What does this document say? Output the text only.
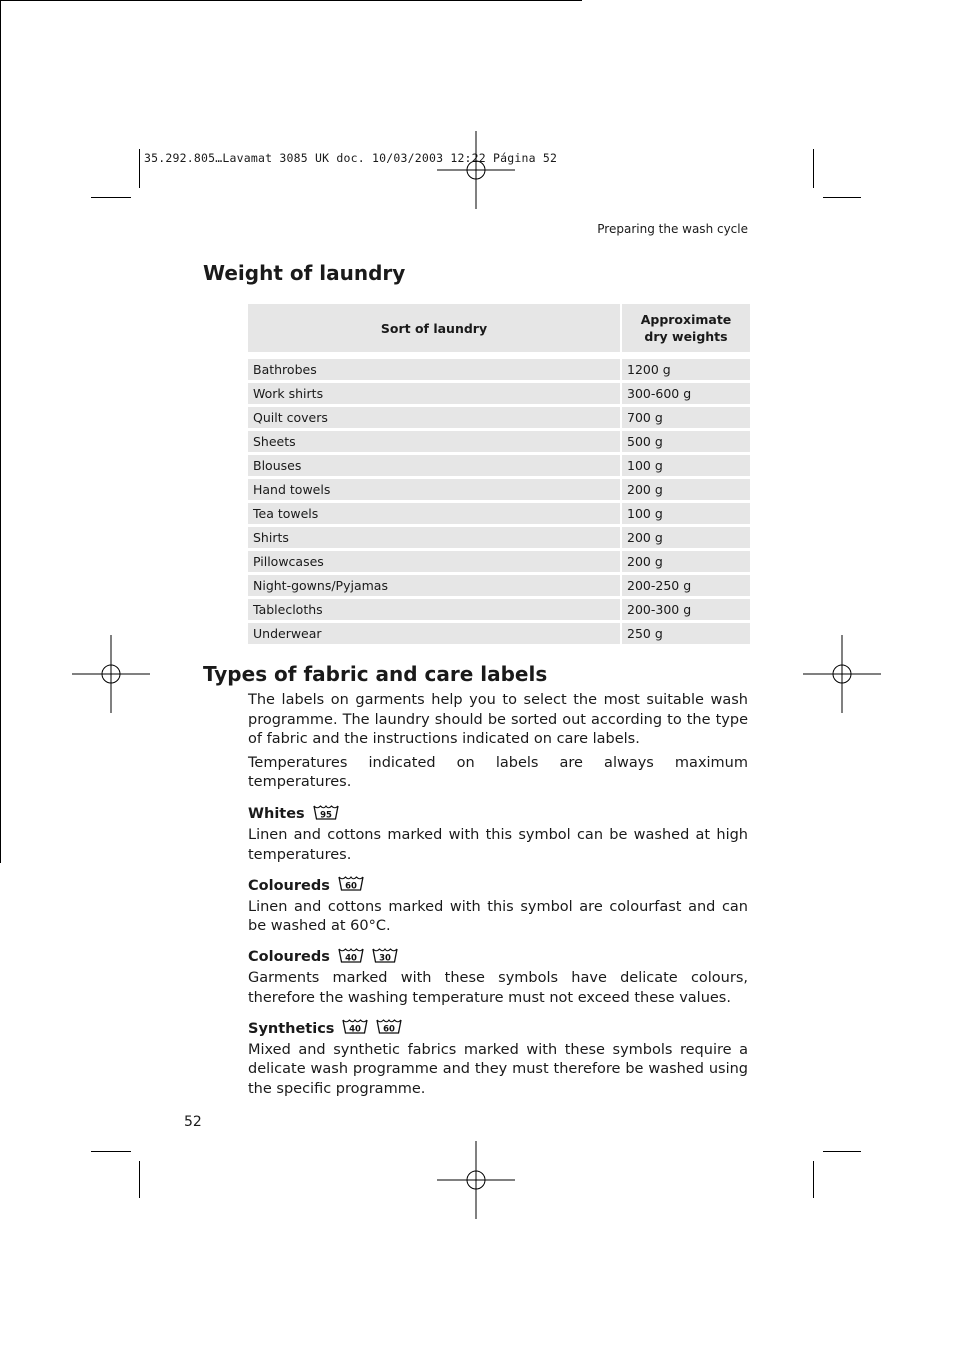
35.292.805…Lavamat 3085 UK doc. 10/03/2003 12:22 Página 52
Preparing the wash cycle
Weight of laundry
Sort of laundry	Approximate
dry weights

Bathrobes	1200 g
Work shirts	300-600 g
Quilt covers	700 g
Sheets	500 g
Blouses	100 g
Hand towels	200 g
Tea towels	100 g
Shirts	200 g
Pillowcases	200 g
Night-gowns/Pyjamas	200-250 g
Tablecloths	200-300 g
Underwear	250 g
Types of fabric and care labels

The labels on garments help you to select the most suitable wash programme. The laundry should be sorted out according to the type of fabric and the instructions indicated on care labels.

Temperatures indicated on labels are always maximum temperatures.

Whites 95

Linen and cottons marked with this symbol can be washed at high temperatures.

Coloureds 60

Linen and cottons marked with this symbol are colourfast and can be washed at 60°C.

Coloureds 40	30

Garments marked with these symbols have delicate colours, therefore the washing temperature must not exceed these values.

Synthetics 40	60

Mixed and synthetic fabrics marked with these symbols require a delicate wash programme and they must therefore be washed using the specific programme.

52
